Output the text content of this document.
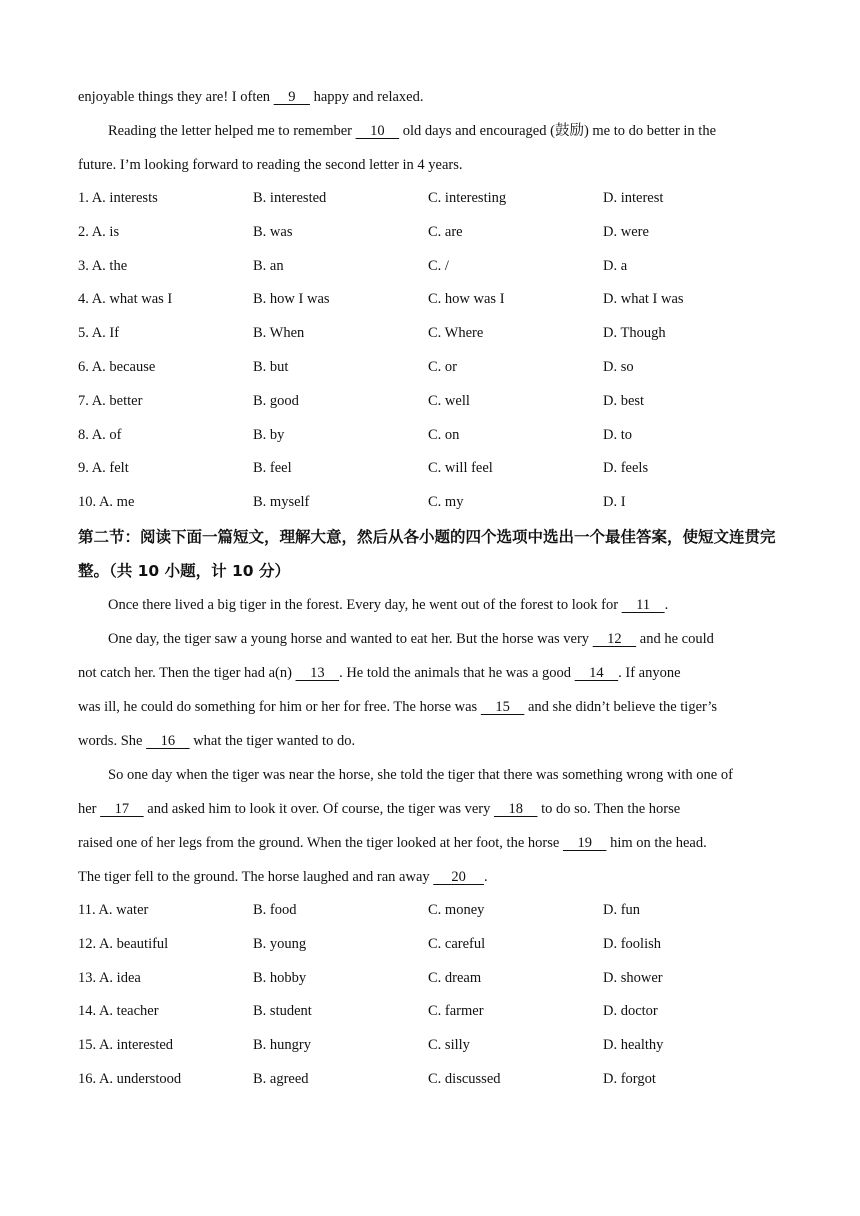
enjoyable things they are! I often     9     happy and relaxed.
Reading the letter helped me to remember     10     old days and encouraged (鼓励) me to do better in the
future. I’m looking forward to reading the second letter in 4 years.
1. A. interests	B. interested	C. interesting	D. interest
2. A. is	B. was	C. are	D. were
3. A. the	B. an	C. /	D. a
4. A. what was I	B. how I was	C. how was I	D. what I was
5. A. If	B. When	C. Where	D. Though
6. A. because	B. but	C. or	D. so
7. A. better	B. good	C. well	D. best
8. A. of	B. by	C. on	D. to
9. A. felt	B. feel	C. will feel	D. feels
10. A. me	B. myself	C. my	D. I
第二节：阅读下面一篇短文，理解大意，然后从各小题的四个选项中选出一个最佳答案，使短文连贯完整。（共 10 小题，计 10 分）
Once there lived a big tiger in the forest. Every day, he went out of the forest to look for     11    .
One day, the tiger saw a young horse and wanted to eat her. But the horse was very     12     and he could
not catch her. Then the tiger had a(n)     13    . He told the animals that he was a good     14    . If anyone
was ill, he could do something for him or her for free. The horse was     15     and she didn’t believe the tiger’s
words. She     16     what the tiger wanted to do.
So one day when the tiger was near the horse, she told the tiger that there was something wrong with one of
her     17     and asked him to look it over. Of course, the tiger was very     18     to do so. Then the horse
raised one of her legs from the ground. When the tiger looked at her foot, the horse     19     him on the head.
The tiger fell to the ground. The horse laughed and ran away      20     .
11. A. water	B. food	C. money	D. fun
12. A. beautiful	B. young	C. careful	D. foolish
13. A. idea	B. hobby	C. dream	D. shower
14. A. teacher	B. student	C. farmer	D. doctor
15. A. interested	B. hungry	C. silly	D. healthy
16. A. understood	B. agreed	C. discussed	D. forgot
